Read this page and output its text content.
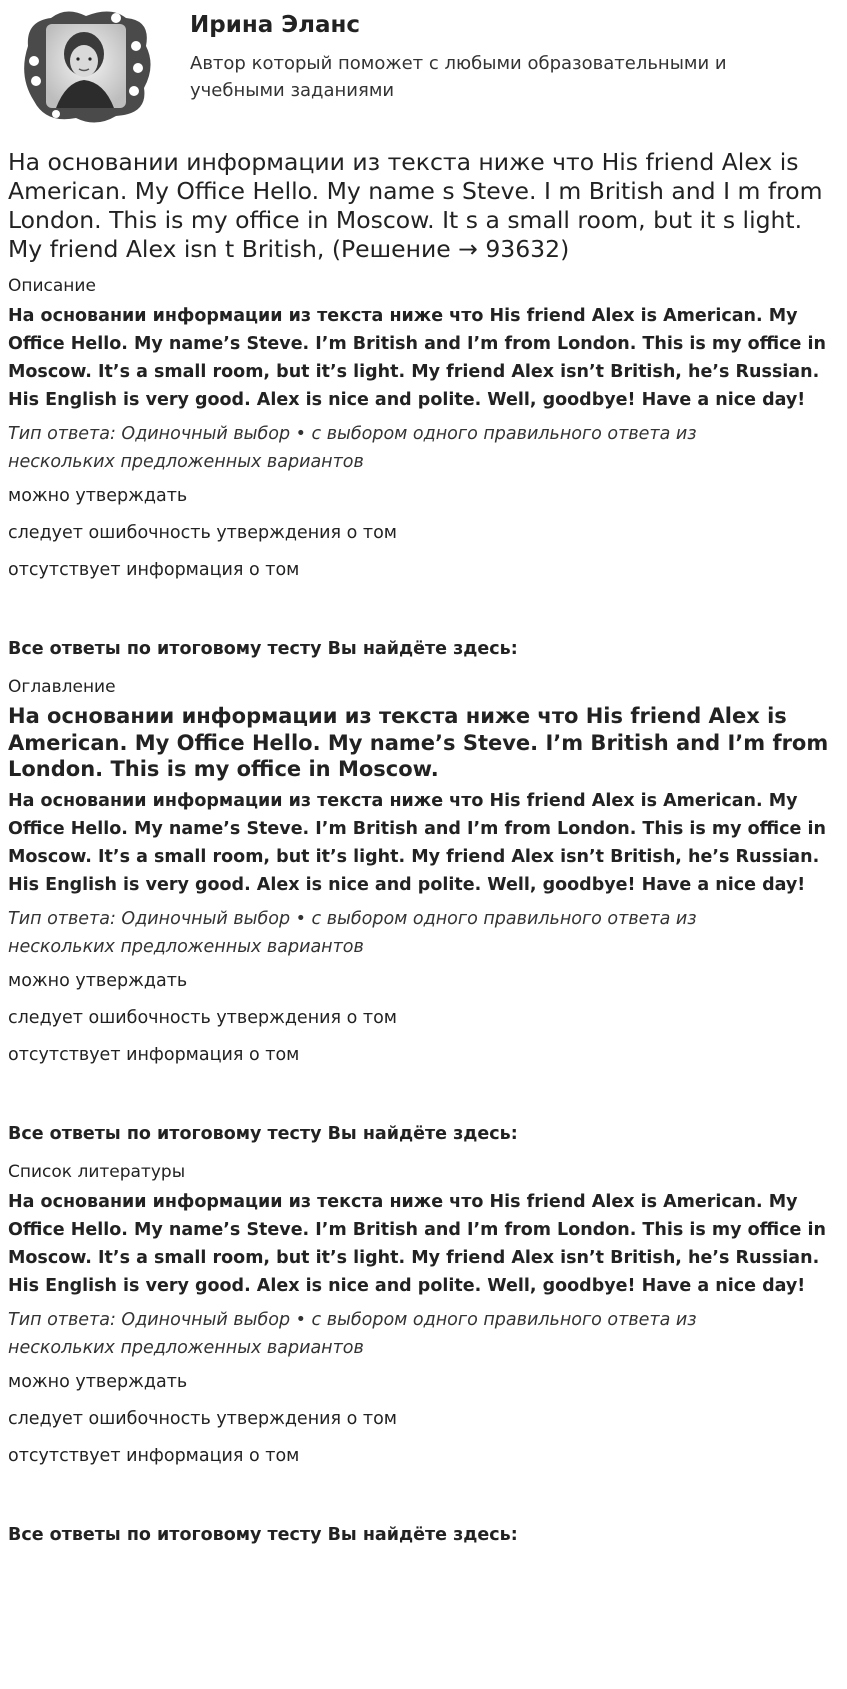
Ирина Эланс
Автор который поможет с любыми образовательными и учебными заданиями
На основании информации из текста ниже что His friend Alex is American. My Office Hello. My name s Steve. I m British and I m from London. This is my office in Moscow. It s a small room, but it s light. My friend Alex isn t British, (Решение → 93632)
Описание
На основании информации из текста ниже что His friend Alex is American. My Office Hello. My name’s Steve. I’m British and I’m from London. This is my office in Moscow. It’s a small room, but it’s light. My friend Alex isn’t British, he’s Russian. His English is very good. Alex is nice and polite. Well, goodbye! Have a nice day!
Тип ответа: Одиночный выбор • с выбором одного правильного ответа из нескольких предложенных вариантов
можно утверждать
следует ошибочность утверждения о том
отсутствует информация о том
Все ответы по итоговому тесту Вы найдёте здесь:
Оглавление
На основании информации из текста ниже что His friend Alex is American. My Office Hello. My name’s Steve. I’m British and I’m from London. This is my office in Moscow.
На основании информации из текста ниже что His friend Alex is American. My Office Hello. My name’s Steve. I’m British and I’m from London. This is my office in Moscow. It’s a small room, but it’s light. My friend Alex isn’t British, he’s Russian. His English is very good. Alex is nice and polite. Well, goodbye! Have a nice day!
Тип ответа: Одиночный выбор • с выбором одного правильного ответа из нескольких предложенных вариантов
можно утверждать
следует ошибочность утверждения о том
отсутствует информация о том
Все ответы по итоговому тесту Вы найдёте здесь:
Список литературы
На основании информации из текста ниже что His friend Alex is American. My Office Hello. My name’s Steve. I’m British and I’m from London. This is my office in Moscow. It’s a small room, but it’s light. My friend Alex isn’t British, he’s Russian. His English is very good. Alex is nice and polite. Well, goodbye! Have a nice day!
Тип ответа: Одиночный выбор • с выбором одного правильного ответа из нескольких предложенных вариантов
можно утверждать
следует ошибочность утверждения о том
отсутствует информация о том
Все ответы по итоговому тесту Вы найдёте здесь:
